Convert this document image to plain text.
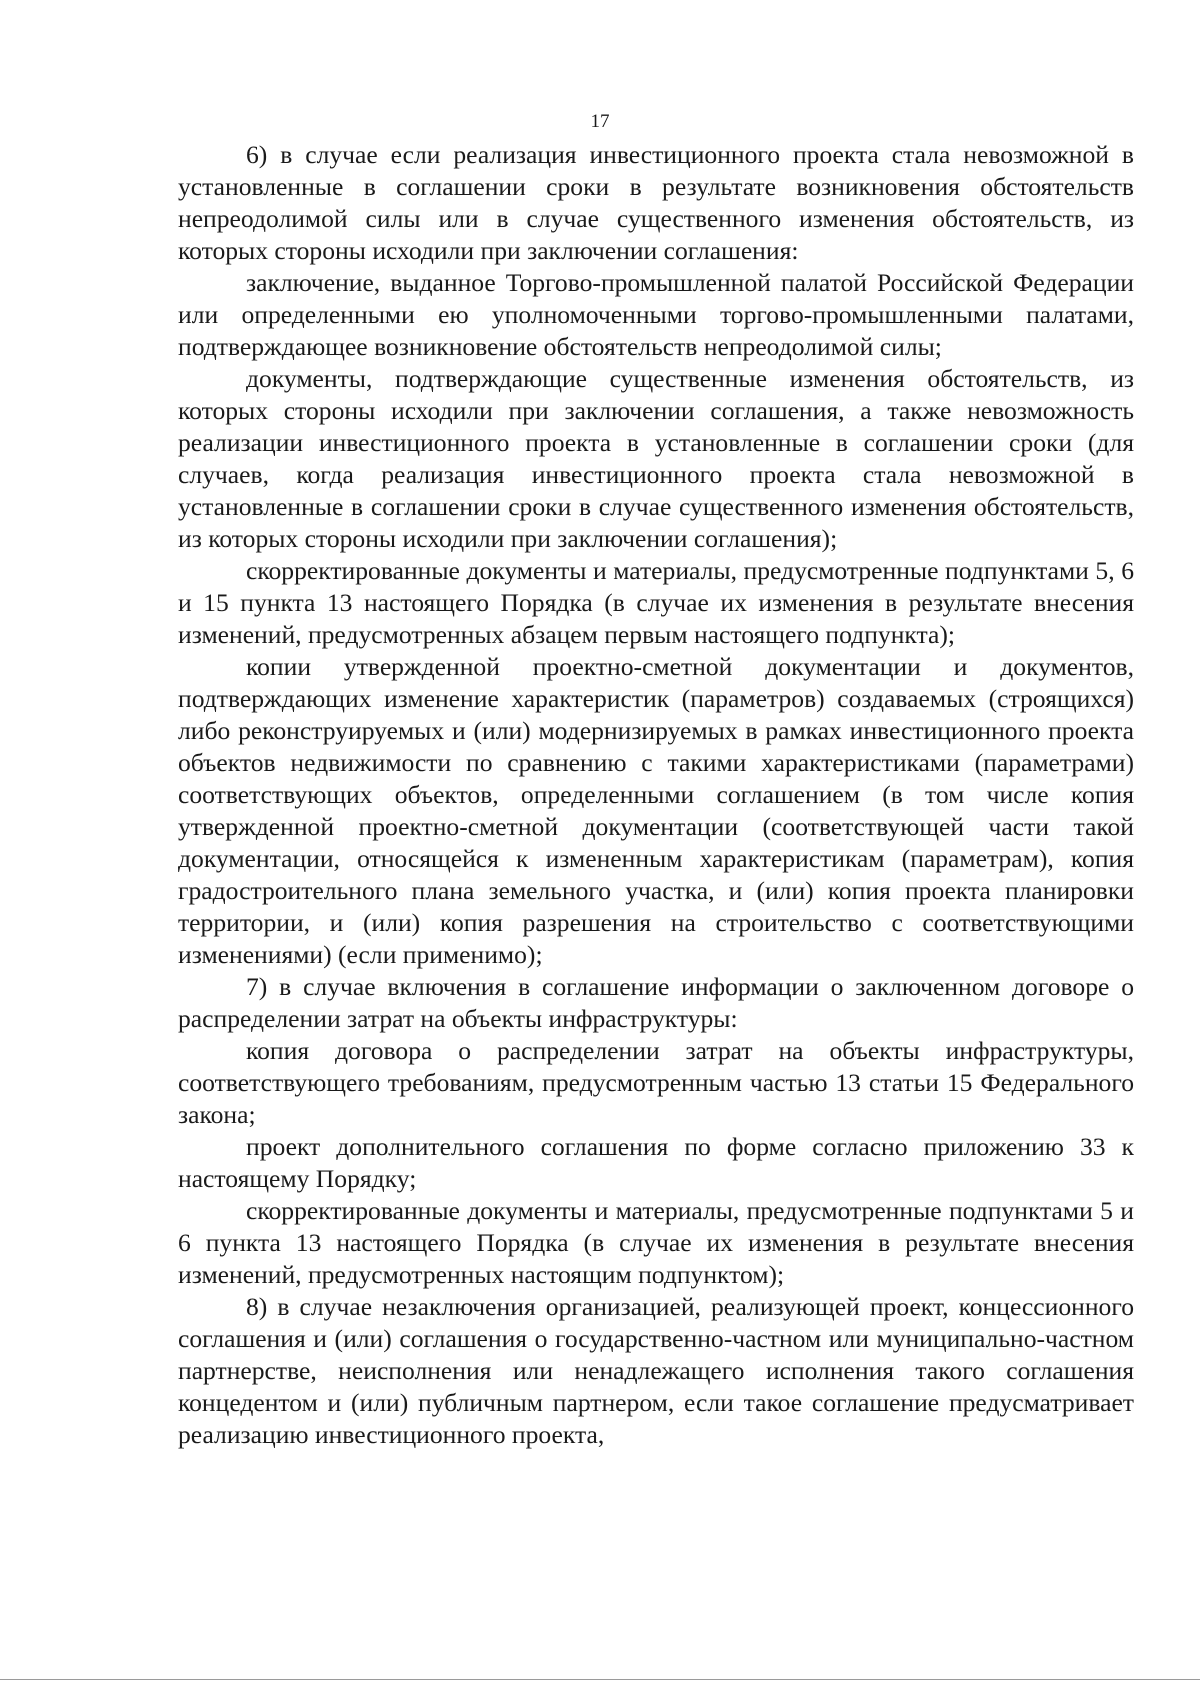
17

6) в случае если реализация инвестиционного проекта стала невозможной в установленные в соглашении сроки в результате возникновения обстоятельств непреодолимой силы или в случае существенного изменения обстоятельств, из которых стороны исходили при заключении соглашения:

заключение, выданное Торгово-промышленной палатой Российской Федерации или определенными ею уполномоченными торгово-промышленными палатами, подтверждающее возникновение обстоятельств непреодолимой силы;

документы, подтверждающие существенные изменения обстоятельств, из которых стороны исходили при заключении соглашения, а также невозможность реализации инвестиционного проекта в установленные в соглашении сроки (для случаев, когда реализация инвестиционного проекта стала невозможной в установленные в соглашении сроки в случае существенного изменения обстоятельств, из которых стороны исходили при заключении соглашения);

скорректированные документы и материалы, предусмотренные подпунктами 5, 6 и 15 пункта 13 настоящего Порядка (в случае их изменения в результате внесения изменений, предусмотренных абзацем первым настоящего подпункта);

копии утвержденной проектно-сметной документации и документов, подтверждающих изменение характеристик (параметров) создаваемых (строящихся) либо реконструируемых и (или) модернизируемых в рамках инвестиционного проекта объектов недвижимости по сравнению с такими характеристиками (параметрами) соответствующих объектов, определенными соглашением (в том числе копия утвержденной проектно-сметной документации (соответствующей части такой документации, относящейся к измененным характеристикам (параметрам), копия градостроительного плана земельного участка, и (или) копия проекта планировки территории, и (или) копия разрешения на строительство с соответствующими изменениями) (если применимо);

7) в случае включения в соглашение информации о заключенном договоре о распределении затрат на объекты инфраструктуры:

копия договора о распределении затрат на объекты инфраструктуры, соответствующего требованиям, предусмотренным частью 13 статьи 15 Федерального закона;

проект дополнительного соглашения по форме согласно приложению 33 к настоящему Порядку;

скорректированные документы и материалы, предусмотренные подпунктами 5 и 6 пункта 13 настоящего Порядка (в случае их изменения в результате внесения изменений, предусмотренных настоящим подпунктом);

8) в случае незаключения организацией, реализующей проект, концессионного соглашения и (или) соглашения о государственно-частном или муниципально-частном партнерстве, неисполнения или ненадлежащего исполнения такого соглашения концедентом и (или) публичным партнером, если такое соглашение предусматривает реализацию инвестиционного проекта,
